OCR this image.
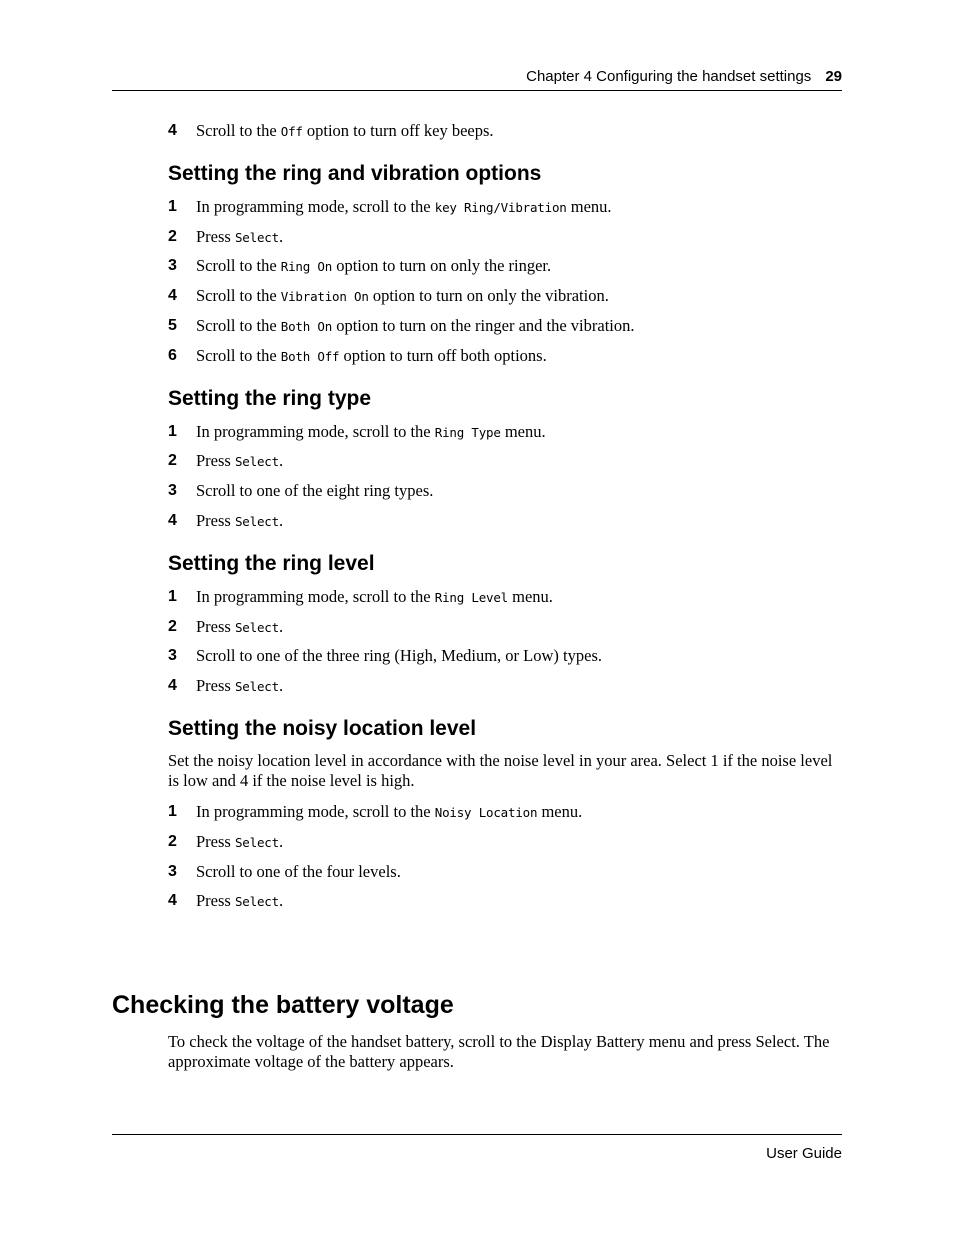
Chapter 4 Configuring the handset settings 29
4 Scroll to the Off option to turn off key beeps.
Setting the ring and vibration options
1 In programming mode, scroll to the key Ring/Vibration menu.
2 Press Select.
3 Scroll to the Ring On option to turn on only the ringer.
4 Scroll to the Vibration On option to turn on only the vibration.
5 Scroll to the Both On option to turn on the ringer and the vibration.
6 Scroll to the Both Off option to turn off both options.
Setting the ring type
1 In programming mode, scroll to the Ring Type menu.
2 Press Select.
3 Scroll to one of the eight ring types.
4 Press Select.
Setting the ring level
1 In programming mode, scroll to the Ring Level menu.
2 Press Select.
3 Scroll to one of the three ring (High, Medium, or Low) types.
4 Press Select.
Setting the noisy location level

Set the noisy location level in accordance with the noise level in your area. Select 1 if the noise level is low and 4 if the noise level is high.

1 In programming mode, scroll to the Noisy Location menu.
2 Press Select.
3 Scroll to one of the four levels.
4 Press Select.
Checking the battery voltage

To check the voltage of the handset battery, scroll to the Display Battery menu and press Select. The approximate voltage of the battery appears.

User Guide
